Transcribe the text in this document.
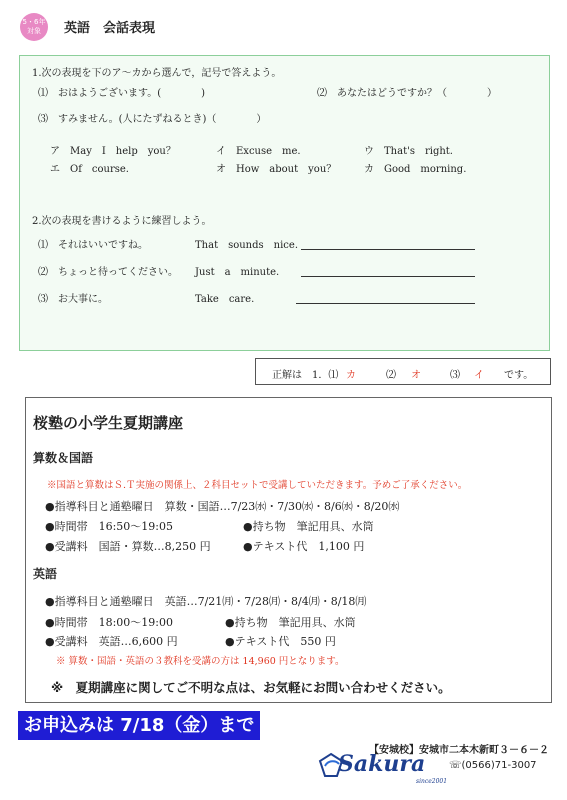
5・6年
対象	英語　会話表現
1.次の表現を下のア～カから選んで，記号で答えよう。
⑴　おはようございます。(　　　　)	⑵　あなたはどうですか？（　　　　）
⑶　すみません。(人にたずねるとき)（　　　　）
ア　May　I　help　you？	イ　Excuse　me.	ウ　That's　right.
エ　Of　course.	オ　How　about　you？	カ　Good　morning.
2.次の表現を書けるように練習しよう。
⑴　それはいいですね。	That　sounds　nice.
⑵　ちょっと待ってください。 Just　a　minute.
⑶　お大事に。	Take　care.
正解は　1．⑴ カ	⑵ オ	⑶ イ です。
桜塾の小学生夏期講座
算数＆国語
※国語と算数はＳ.Ｔ実施の関係上、２科目セットで受講していただきます。予めご了承ください。
●指導科目と通塾曜日　算数・国語…7/23㈬・7/30㈬・8/6㈬・8/20㈬
●時間帯　16:50～19:05	●持ち物　筆記用具、水筒
●受講料　国語・算数…8,250 円	●テキスト代　1,100 円
英語
●指導科目と通塾曜日　英語…7/21㈪・7/28㈪・8/4㈪・8/18㈪
●時間帯　18:00～19:00	●持ち物　筆記用具、水筒
●受講料　英語…6,600 円	●テキスト代　550 円
※ 算数・国語・英語の３教科を受講の方は 14,960 円となります。
※　夏期講座に関してご不明な点は、お気軽にお問い合わせください。
お申込みは 7/18（金）まで
【安城校】安城市二本木新町３－６－２
Sakura
since2001
☏(0566)71-3007
